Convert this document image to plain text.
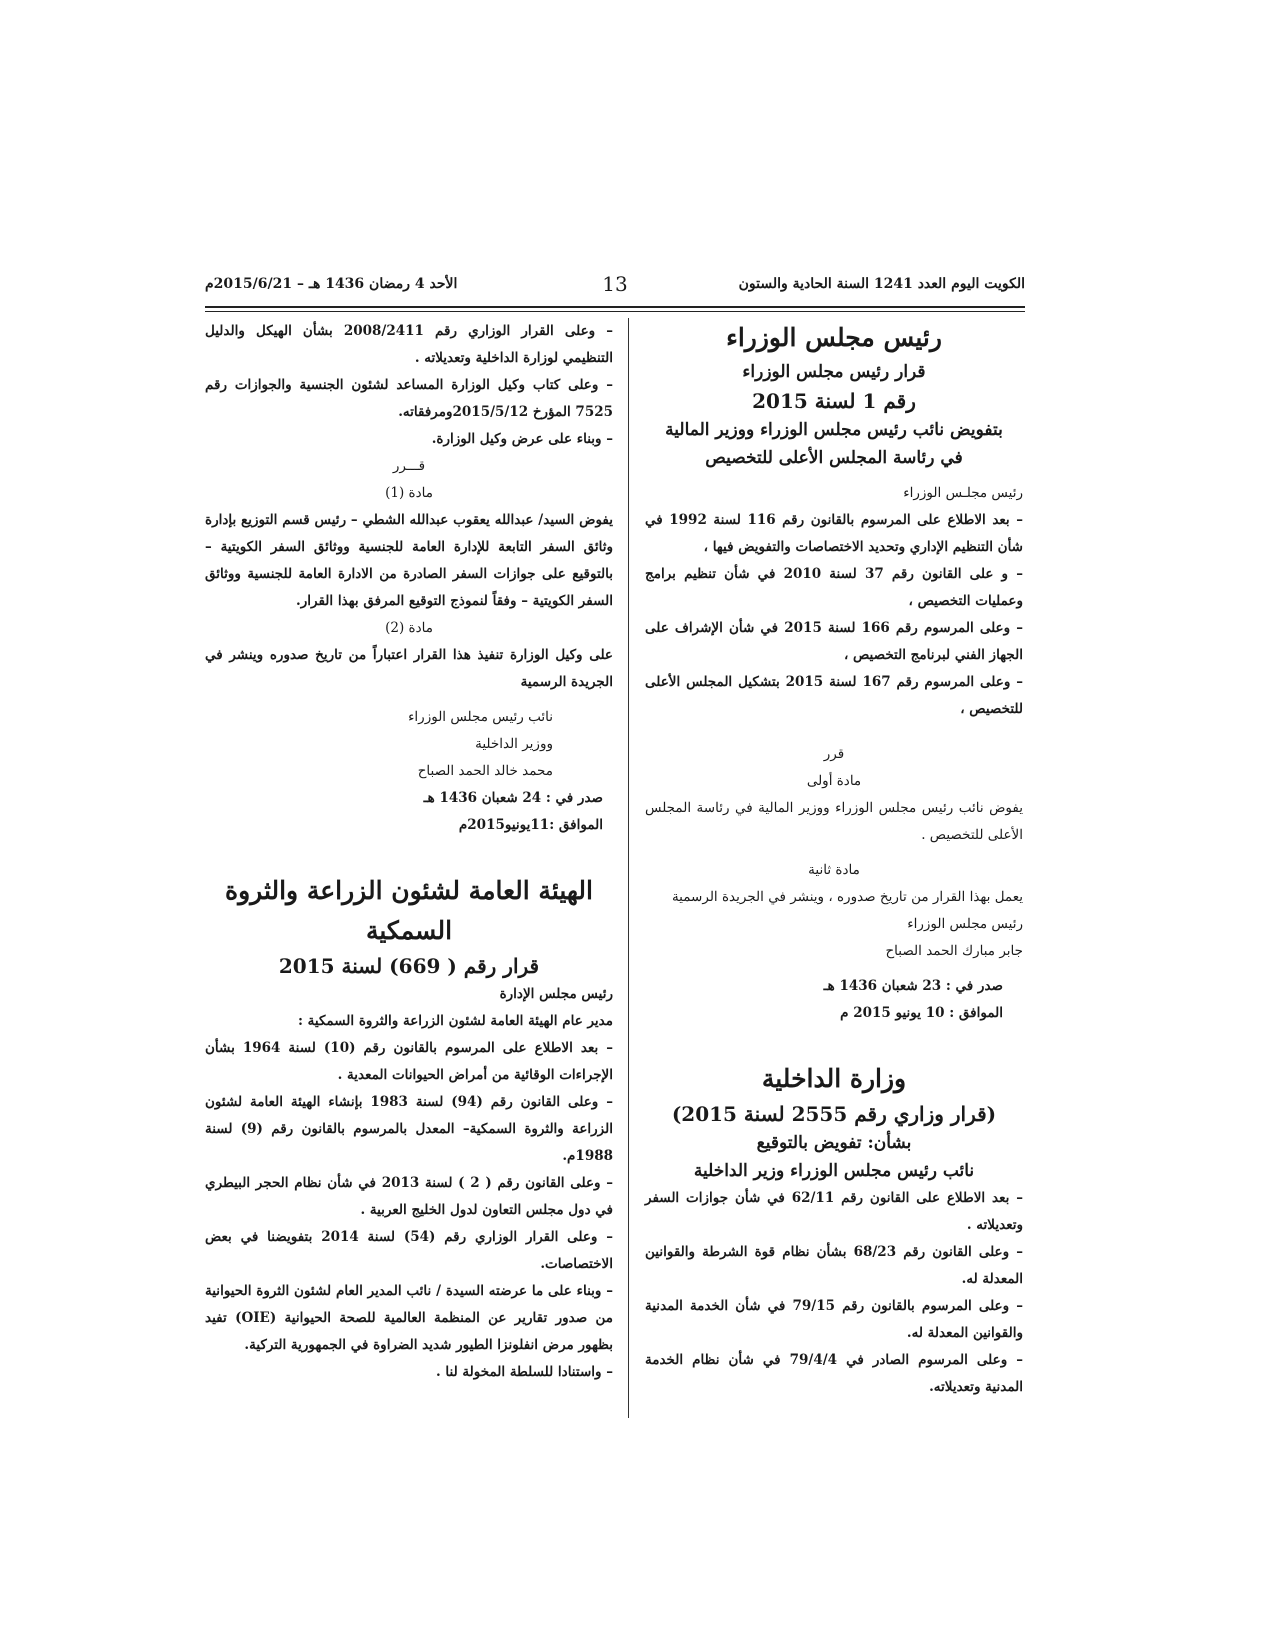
الكويت اليوم العدد 1241 السنة الحادية والستون
13
الأحد 4 رمضان 1436 هـ – 2015/6/21م
رئيس مجلس الوزراء
قرار رئيس مجلس الوزراء
رقم 1 لسنة 2015
بتفويض نائب رئيس مجلس الوزراء ووزير المالية
في رئاسة المجلس الأعلى للتخصيص
رئيس مجلـس الوزراء
– بعد الاطلاع على المرسوم بالقانون رقم 116 لسنة 1992 في شأن التنظيم الإداري وتحديد الاختصاصات والتفويض فيها ،
– و على القانون رقم 37 لسنة 2010 في شأن تنظيم برامج وعمليات التخصيص ،
– وعلى المرسوم رقم 166 لسنة 2015 في شأن الإشراف على الجهاز الفني لبرنامج التخصيص ،
– وعلى المرسوم رقم 167 لسنة 2015 بتشكيل المجلس الأعلى للتخصيص ،
قرر
مادة أولى
يفوض نائب رئيس مجلس الوزراء ووزير المالية في رئاسة المجلس الأعلى للتخصيص .
مادة ثانية
يعمل بهذا القرار من تاريخ صدوره ، وينشر في الجريدة الرسمية
رئيس مجلس الوزراء
جابر مبارك الحمد الصباح
صدر في : 23 شعبان 1436 هـ
الموافق : 10 يونيو 2015 م
وزارة الداخلية
(قرار وزاري رقم 2555 لسنة 2015)
بشأن: تفويض بالتوقيع
نائب رئيس مجلس الوزراء وزير الداخلية
– بعد الاطلاع على القانون رقم 62/11 في شأن جوازات السفر وتعديلاته .
– وعلى القانون رقم 68/23 بشأن نظام قوة الشرطة والقوانين المعدلة له.
– وعلى المرسوم بالقانون رقم 79/15 في شأن الخدمة المدنية والقوانين المعدلة له.
– وعلى المرسوم الصادر في 79/4/4 في شأن نظام الخدمة المدنية وتعديلاته.
– وعلى القرار الوزاري رقم 2008/2411 بشأن الهيكل والدليل التنظيمي لوزارة الداخلية وتعديلاته .
– وعلى كتاب وكيل الوزارة المساعد لشئون الجنسية والجوازات رقم 7525 المؤرخ 2015/5/12ومرفقاته.
– وبناء على عرض وكيل الوزارة.
قـــرر
مادة (1)
يفوض السيد/ عبدالله يعقوب عبدالله الشطي – رئيس قسم التوزيع بإدارة وثائق السفر التابعة للإدارة العامة للجنسية ووثائق السفر الكويتية – بالتوقيع على جوازات السفر الصادرة من الادارة العامة للجنسية ووثائق السفر الكويتية – وفقاً لنموذج التوقيع المرفق بهذا القرار.
مادة (2)
على وكيل الوزارة تنفيذ هذا القرار اعتباراً من تاريخ صدوره وينشر في الجريدة الرسمية
نائب رئيس مجلس الوزراء
ووزير الداخلية
محمد خالد الحمد الصباح
صدر في : 24 شعبان 1436 هـ
الموافق :11يونيو2015م
الهيئة العامة لشئون الزراعة والثروة السمكية
قرار رقم ( 669) لسنة 2015
رئيس مجلس الإدارة
مدير عام الهيئة العامة لشئون الزراعة والثروة السمكية :
– بعد الاطلاع على المرسوم بالقانون رقم (10) لسنة 1964 بشأن الإجراءات الوقائية من أمراض الحيوانات المعدية .
– وعلى القانون رقم (94) لسنة 1983 بإنشاء الهيئة العامة لشئون الزراعة والثروة السمكية– المعدل بالمرسوم بالقانون رقم (9) لسنة 1988م.
– وعلى القانون رقم ( 2 ) لسنة 2013 في شأن نظام الحجر البيطري في دول مجلس التعاون لدول الخليج العربية .
– وعلى القرار الوزاري رقم (54) لسنة 2014 بتفويضنا في بعض الاختصاصات.
– وبناء على ما عرضته السيدة / نائب المدير العام لشئون الثروة الحيوانية من صدور تقارير عن المنظمة العالمية للصحة الحيوانية (OIE) تفيد بظهور مرض انفلونزا الطيور شديد الضراوة في الجمهورية التركية.
– واستنادا للسلطة المخولة لنا .
